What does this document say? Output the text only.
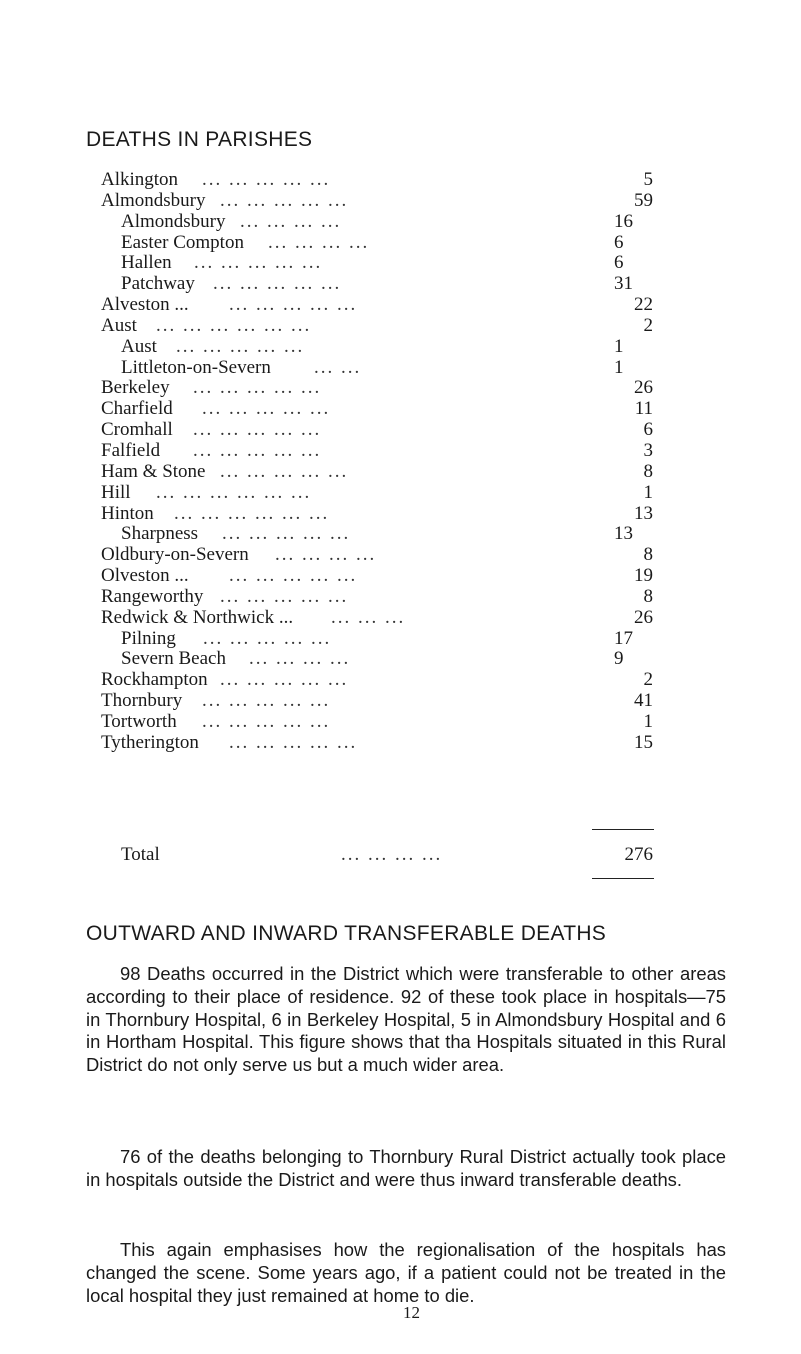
DEATHS IN PARISHES
Alkington ... ... ... ... ...	5
Almondsbury ... ... ... ... ...	59
Almondsbury ... ... ... ...	16
Easter Compton ... ... ... ...	6
Hallen ... ... ... ... ...	6
Patchway ... ... ... ... ...	31
Alveston ... ... ... ... ... ...	22
Aust ... ... ... ... ... ...	2
Aust ... ... ... ... ...	1
Littleton-on-Severn ... ...	1
Berkeley ... ... ... ... ...	26
Charfield ... ... ... ... ...	11
Cromhall ... ... ... ... ...	6
Falfield ... ... ... ... ...	3
Ham & Stone ... ... ... ... ...	8
Hill ... ... ... ... ... ...	1
Hinton ... ... ... ... ... ...	13
Sharpness ... ... ... ... ...	13
Oldbury-on-Severn ... ... ... ...	8
Olveston ... ... ... ... ... ...	19
Rangeworthy ... ... ... ... ...	8
Redwick & Northwick ... ... ... ...	26
Pilning ... ... ... ... ...	17
Severn Beach ... ... ... ...	9
Rockhampton ... ... ... ... ...	2
Thornbury ... ... ... ... ...	41
Tortworth ... ... ... ... ...	1
Tytherington ... ... ... ... ...	15
Total	... ... ... ...	276
OUTWARD AND INWARD TRANSFERABLE DEATHS

98 Deaths occurred in the District which were transferable to other areas according to their place of residence. 92 of these took place in hospitals—75 in Thornbury Hospital, 6 in Berkeley Hospital, 5 in Almondsbury Hospital and 6 in Hortham Hospital. This figure shows that tha Hospitals situated in this Rural District do not only serve us but a much wider area.

76 of the deaths belonging to Thornbury Rural District actually took place in hospitals outside the District and were thus inward transferable deaths.

This again emphasises how the regionalisation of the hospitals has changed the scene. Some years ago, if a patient could not be treated in the local hospital they just remained at home to die.

12
